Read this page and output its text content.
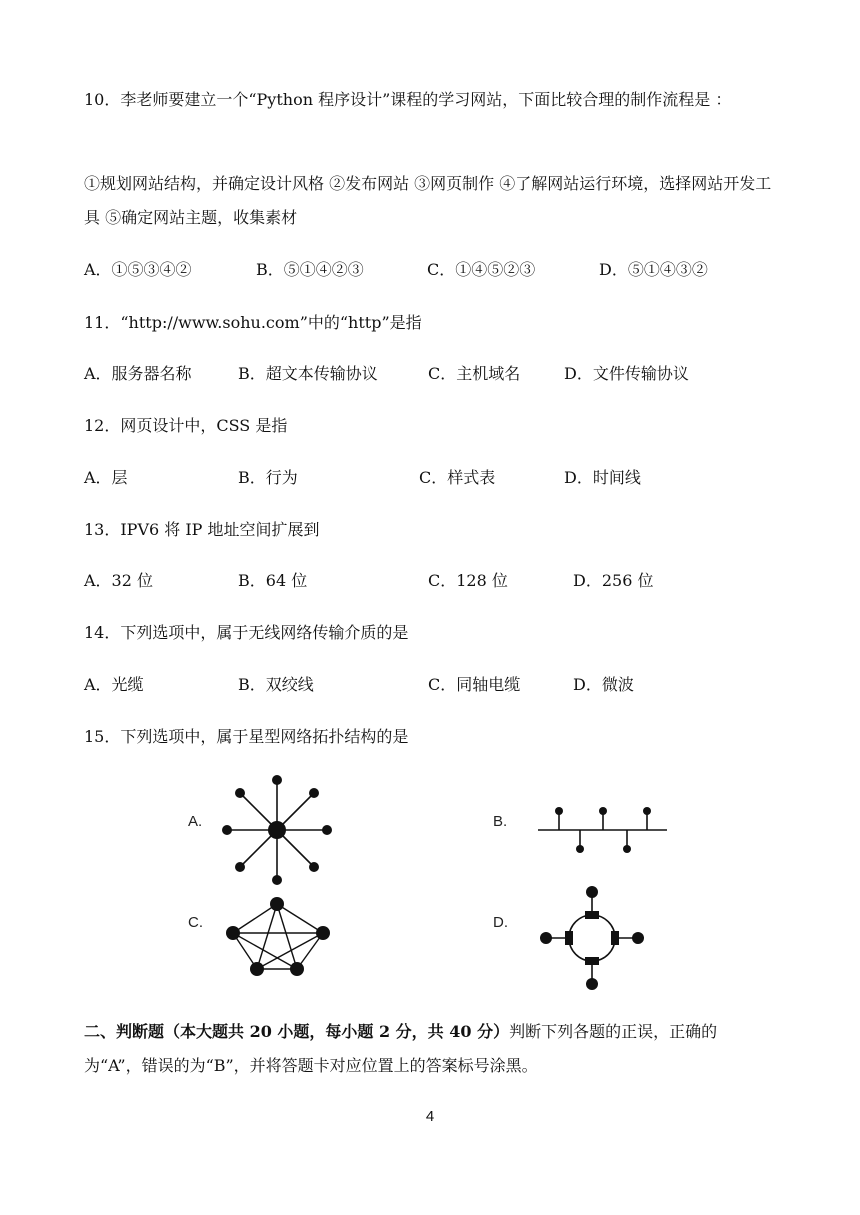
10．李老师要建立一个“Python 程序设计”课程的学习网站，下面比较合理的制作流程是 ：

①规划网站结构，并确定设计风格 ②发布网站 ③网页制作 ④了解网站运行环境，选择网站开发工具 ⑤确定网站主题，收集素材

A．①⑤③④②	B．⑤①④②③	C．①④⑤②③	D．⑤①④③②

11．“http://www.sohu.com”中的“http”是指

A．服务器名称	B．超文本传输协议	C．主机域名	D．文件传输协议

12．网页设计中，CSS 是指

A．层	B．行为	C．样式表	D．时间线

13．IPV6 将 IP 地址空间扩展到

A．32 位	B．64 位	C．128 位	D．256 位

14．下列选项中，属于无线网络传输介质的是

A．光缆	B．双绞线	C．同轴电缆	D．微波

15．下列选项中，属于星型网络拓扑结构的是

A.	B.
C.	D.

二、判断题（本大题共 20 小题，每小题 2 分，共 40 分）判断下列各题的正误，正确的

为“A”，错误的为“B”，并将答题卡对应位置上的答案标号涂黑。

4
